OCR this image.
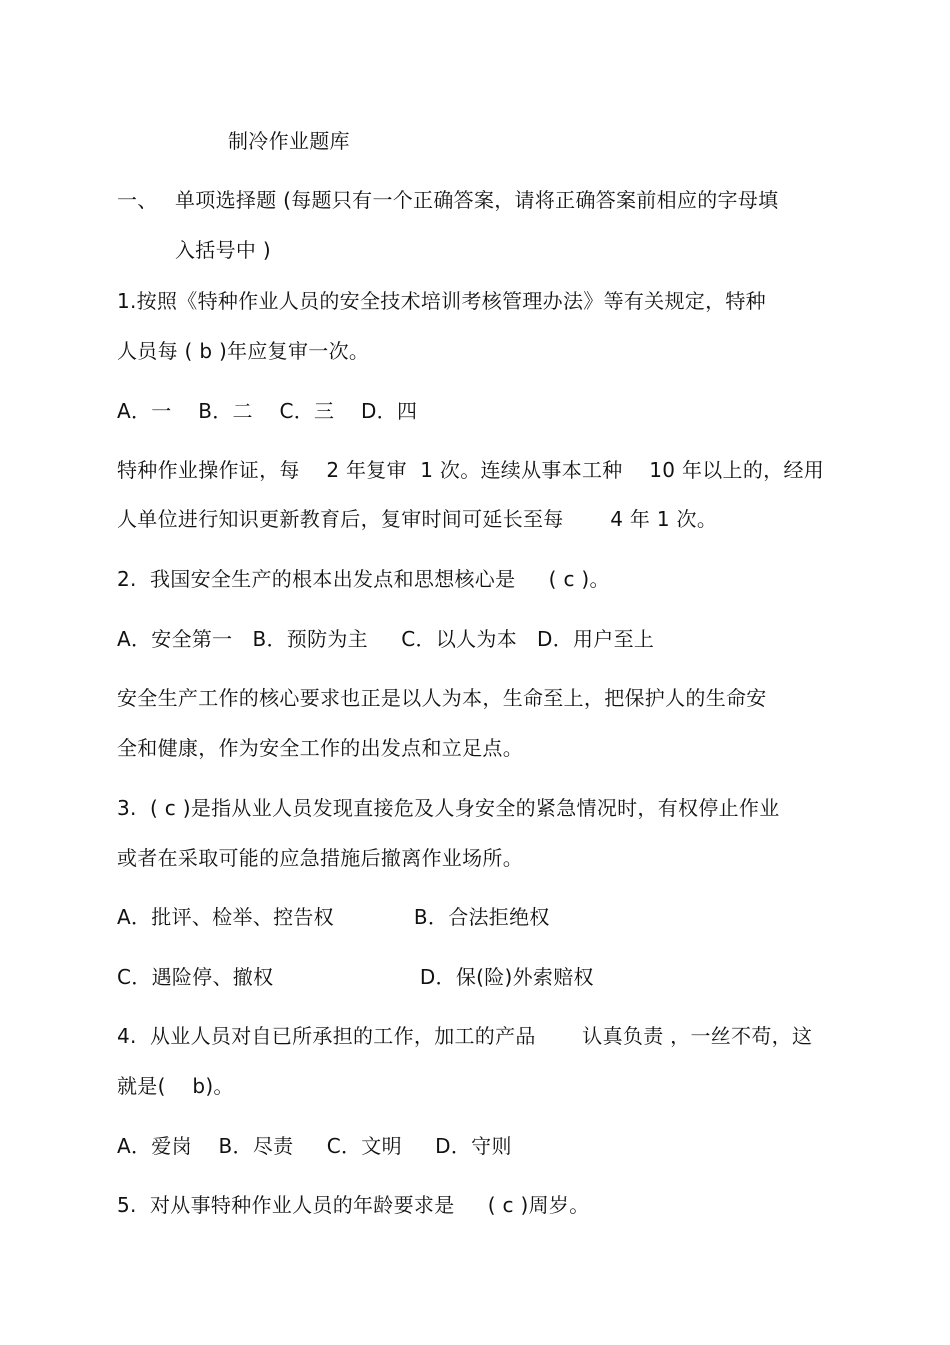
制冷作业题库
一、 单项选择题 (每题只有一个正确答案，请将正确答案前相应的字母填
入括号中 )
1.按照《特种作业人员的安全技术培训考核管理办法》等有关规定，特种
人员每 ( b )年应复审一次。
A．一    B．二    C．三    D．四
特种作业操作证，每    2 年复审  1 次。连续从事本工种    10 年以上的，经用
人单位进行知识更新教育后，复审时间可延长至每       4 年 1 次。
2.  我国安全生产的根本出发点和思想核心是     ( c )。
A．安全第一   B．预防为主     C．以人为本   D．用户至上
安全生产工作的核心要求也正是以人为本，生命至上，把保护人的生命安
全和健康，作为安全工作的出发点和立足点。
3.  ( c )是指从业人员发现直接危及人身安全的紧急情况时，有权停止作业
或者在采取可能的应急措施后撤离作业场所。
A．批评、检举、控告权            B．合法拒绝权
C．遇险停、撤权                      D．保(险)外索赔权
4.  从业人员对自已所承担的工作，加工的产品       认真负责 ，一丝不苟，这
就是(    b)。
A．爱岗    B．尽责     C．文明     D．守则
5.  对从事特种作业人员的年龄要求是     ( c )周岁。
